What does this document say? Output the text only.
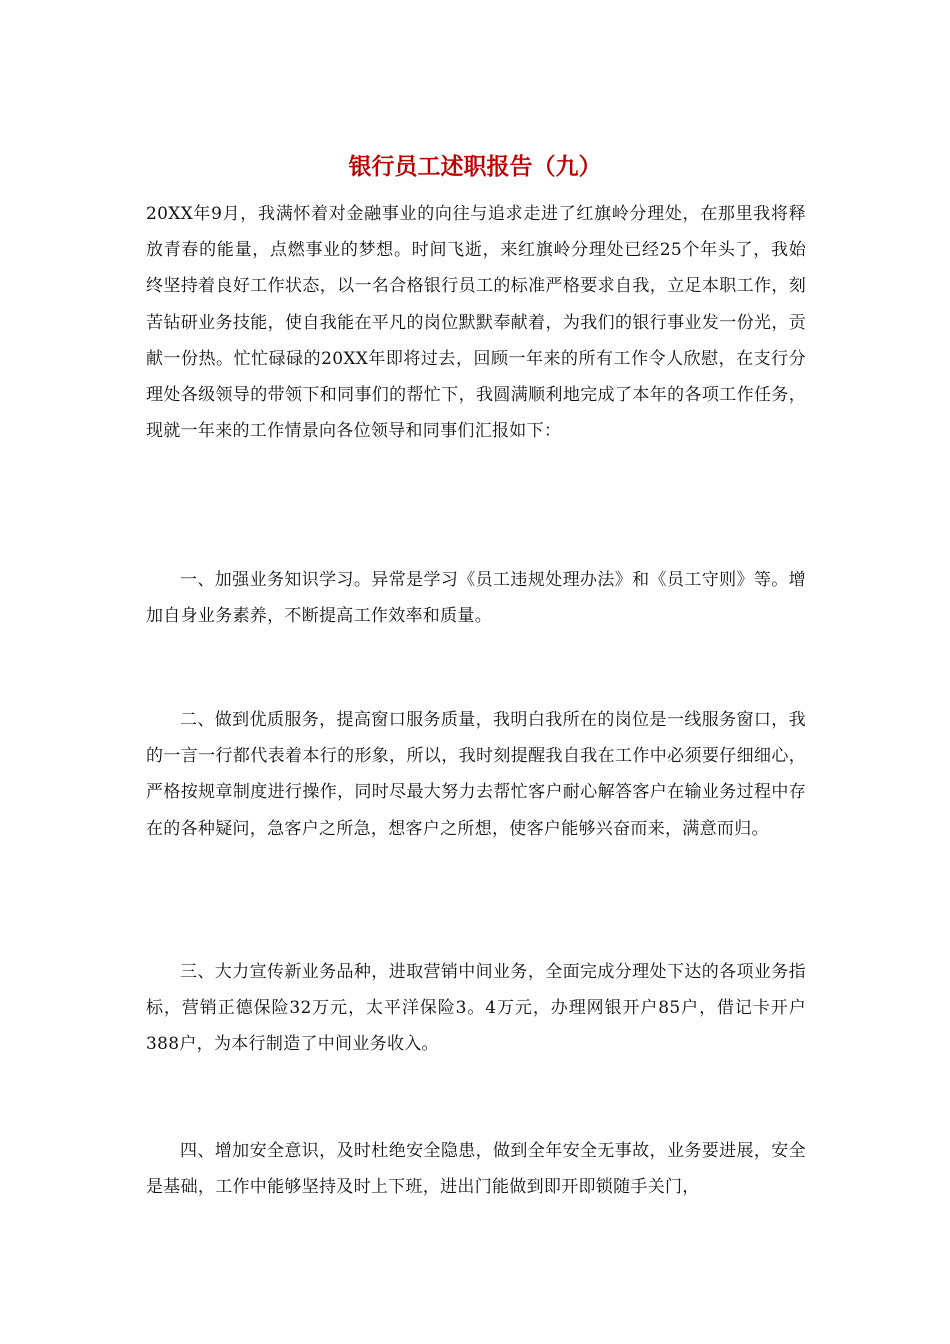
银行员工述职报告（九）

20XX年9月，我满怀着对金融事业的向往与追求走进了红旗岭分理处，在那里我将释放青春的能量，点燃事业的梦想。时间飞逝，来红旗岭分理处已经25个年头了，我始终坚持着良好工作状态，以一名合格银行员工的标准严格要求自我，立足本职工作，刻苦钻研业务技能，使自我能在平凡的岗位默默奉献着，为我们的银行事业发一份光，贡献一份热。忙忙碌碌的20XX年即将过去，回顾一年来的所有工作令人欣慰，在支行分理处各级领导的带领下和同事们的帮忙下，我圆满顺利地完成了本年的各项工作任务，现就一年来的工作情景向各位领导和同事们汇报如下：

一、加强业务知识学习。异常是学习《员工违规处理办法》和《员工守则》等。增加自身业务素养，不断提高工作效率和质量。

二、做到优质服务，提高窗口服务质量，我明白我所在的岗位是一线服务窗口，我的一言一行都代表着本行的形象，所以，我时刻提醒我自我在工作中必须要仔细细心，严格按规章制度进行操作，同时尽最大努力去帮忙客户耐心解答客户在输业务过程中存在的各种疑问，急客户之所急，想客户之所想，使客户能够兴奋而来，满意而归。

三、大力宣传新业务品种，进取营销中间业务，全面完成分理处下达的各项业务指标，营销正德保险32万元，太平洋保险3。4万元，办理网银开户85户，借记卡开户388户，为本行制造了中间业务收入。

四、增加安全意识，及时杜绝安全隐患，做到全年安全无事故，业务要进展，安全是基础，工作中能够坚持及时上下班，进出门能做到即开即锁随手关门，
